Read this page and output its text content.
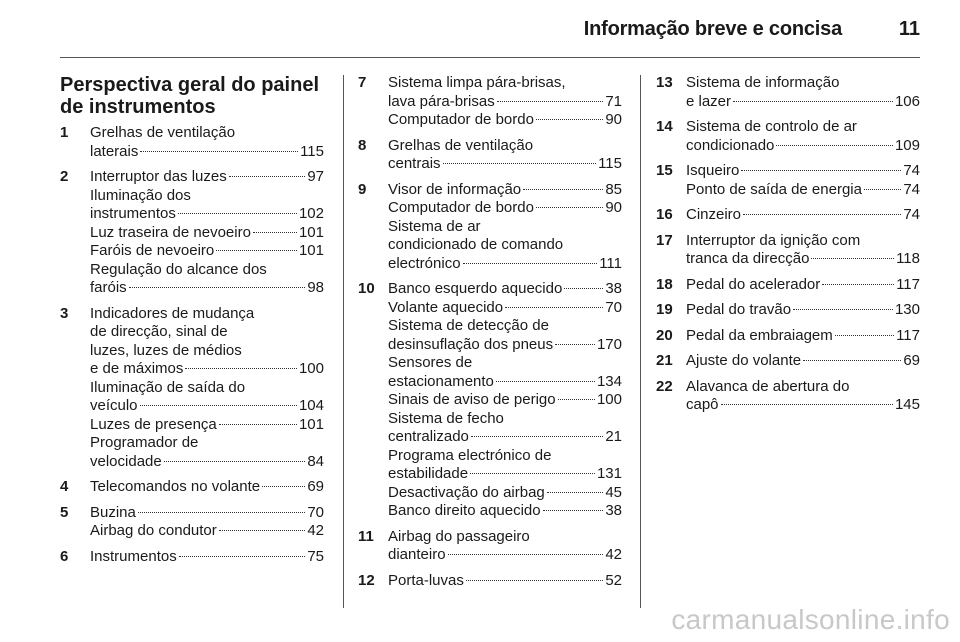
Informação breve e concisa	11
Perspectiva geral do painel de instrumentos
1 Grelhas de ventilação
laterais	115
2 Interruptor das luzes	97
Iluminação dos
instrumentos	102
Luz traseira de nevoeiro	101
Faróis de nevoeiro	101
Regulação do alcance dos
faróis	98
3 Indicadores de mudança
de direcção, sinal de
luzes, luzes de médios
e de máximos	100
Iluminação de saída do
veículo	104
Luzes de presença	101
Programador de
velocidade	84
4 Telecomandos no volante	69
5 Buzina	70
Airbag do condutor	42
6 Instrumentos	75
7 Sistema limpa pára-brisas,
lava pára-brisas	71
Computador de bordo	90
8 Grelhas de ventilação
centrais	115
9 Visor de informação	85
Computador de bordo	90
Sistema de ar
condicionado de comando
electrónico	111
10 Banco esquerdo aquecido	38
Volante aquecido	70
Sistema de detecção de
desinsuflação dos pneus	170
Sensores de
estacionamento	134
Sinais de aviso de perigo	100
Sistema de fecho
centralizado	21
Programa electrónico de
estabilidade	131
Desactivação do airbag	45
Banco direito aquecido	38
11 Airbag do passageiro
dianteiro	42
12 Porta-luvas	52
13 Sistema de informação
e lazer	106
14 Sistema de controlo de ar
condicionado	109
15 Isqueiro	74
Ponto de saída de energia	74
16 Cinzeiro	74
17 Interruptor da ignição com
tranca da direcção	118
18 Pedal do acelerador	117
19 Pedal do travão	130
20 Pedal da embraiagem	117
21 Ajuste do volante	69
22 Alavanca de abertura do
capô	145
carmanualsonline.info
